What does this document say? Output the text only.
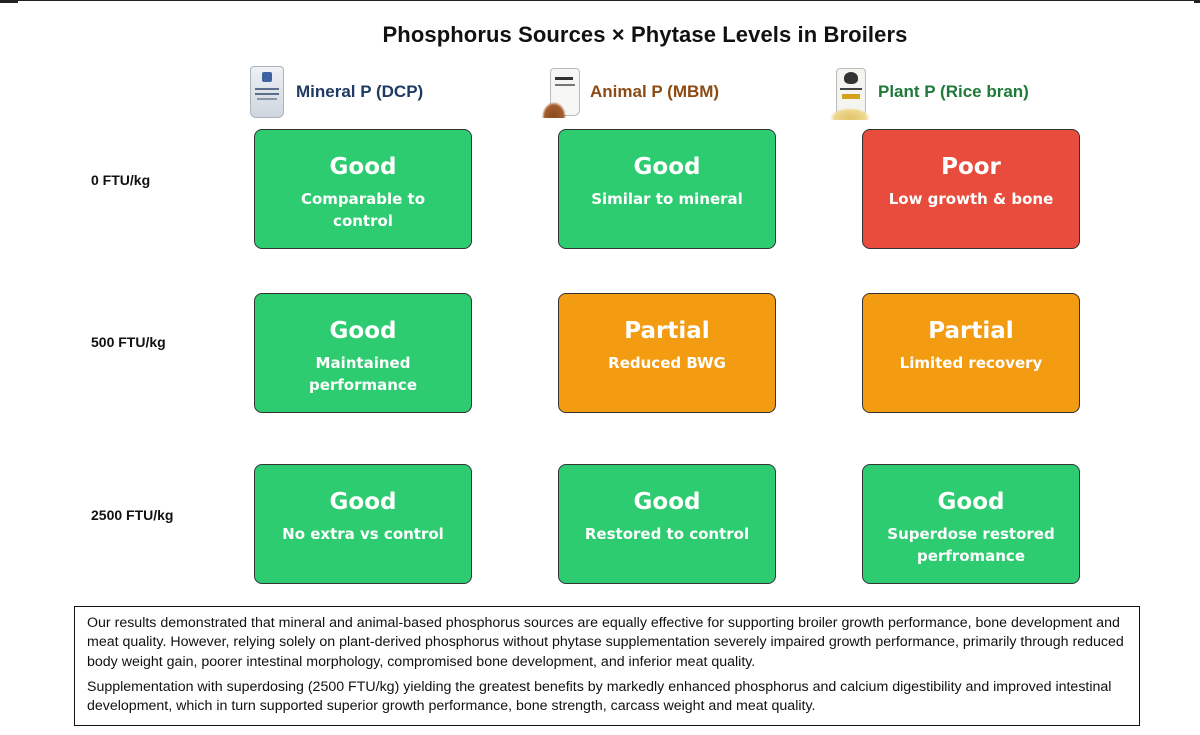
Phosphorus Sources × Phytase Levels in Broilers
Mineral P (DCP)	Animal P (MBM)	Plant P (Rice bran)
0 FTU/kg
500 FTU/kg
2500 FTU/kg
Good
Comparable to control
Good
Similar to mineral
Poor
Low growth & bone
Good
Maintained performance
Partial
Reduced BWG
Partial
Limited recovery
Good
No extra vs control
Good
Restored to control
Good
Superdose restored perfromance

Our results demonstrated that mineral and animal-based phosphorus sources are equally effective for supporting broiler growth performance, bone development and meat quality. However, relying solely on plant-derived phosphorus without phytase supplementation severely impaired growth performance, primarily through reduced body weight gain, poorer intestinal morphology, compromised bone development, and inferior meat quality.

Supplementation with superdosing (2500 FTU/kg) yielding the greatest benefits by markedly enhanced phosphorus and calcium digestibility and improved intestinal development, which in turn supported superior growth performance, bone strength, carcass weight and meat quality.
